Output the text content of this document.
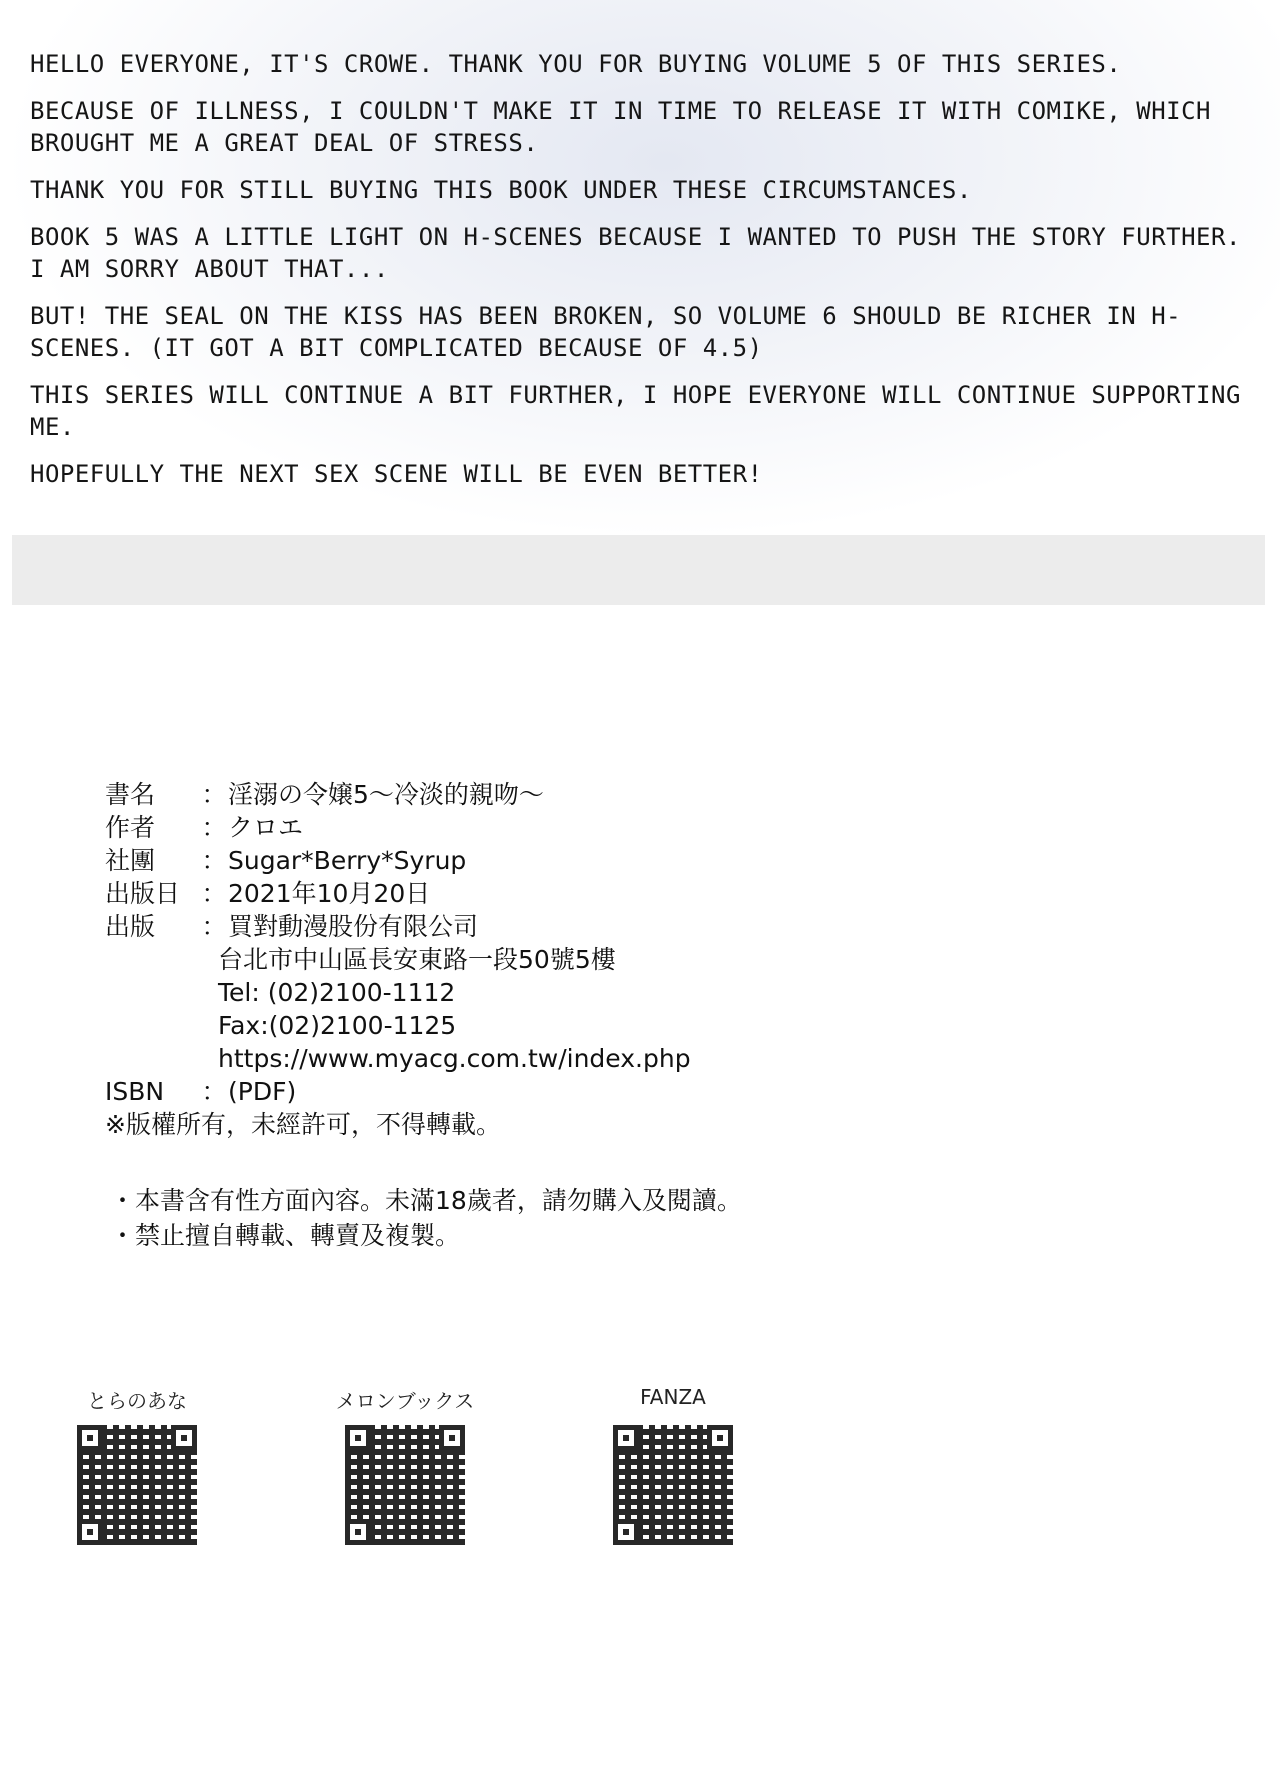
HELLO EVERYONE, IT'S CROWE. THANK YOU FOR BUYING VOLUME 5 OF THIS SERIES.

BECAUSE OF ILLNESS, I COULDN'T MAKE IT IN TIME TO RELEASE IT WITH COMIKE, WHICH BROUGHT ME A GREAT DEAL OF STRESS.

THANK YOU FOR STILL BUYING THIS BOOK UNDER THESE CIRCUMSTANCES.

BOOK 5 WAS A LITTLE LIGHT ON H-SCENES BECAUSE I WANTED TO PUSH THE STORY FURTHER. I AM SORRY ABOUT THAT...

BUT! THE SEAL ON THE KISS HAS BEEN BROKEN, SO VOLUME 6 SHOULD BE RICHER IN H-SCENES. (IT GOT A BIT COMPLICATED BECAUSE OF 4.5)

THIS SERIES WILL CONTINUE A BIT FURTHER, I HOPE EVERYONE WILL CONTINUE SUPPORTING ME.

HOPEFULLY THE NEXT SEX SCENE WILL BE EVEN BETTER!

書名	： 淫溺の令嬢5～冷淡的親吻～
作者	： クロエ
社團	： Sugar*Berry*Syrup
出版日 ： 2021年10月20日
出版	： 買對動漫股份有限公司
台北市中山區長安東路一段50號5樓
Tel: (02)2100-1112
Fax:(02)2100-1125
https://www.myacg.com.tw/index.php
ISBN	： (PDF)
※版權所有，未經許可，不得轉載。
・本書含有性方面內容。未滿18歲者，請勿購入及閱讀。
・禁止擅自轉載、轉賣及複製。
とらのあな	メロンブックス	FANZA
